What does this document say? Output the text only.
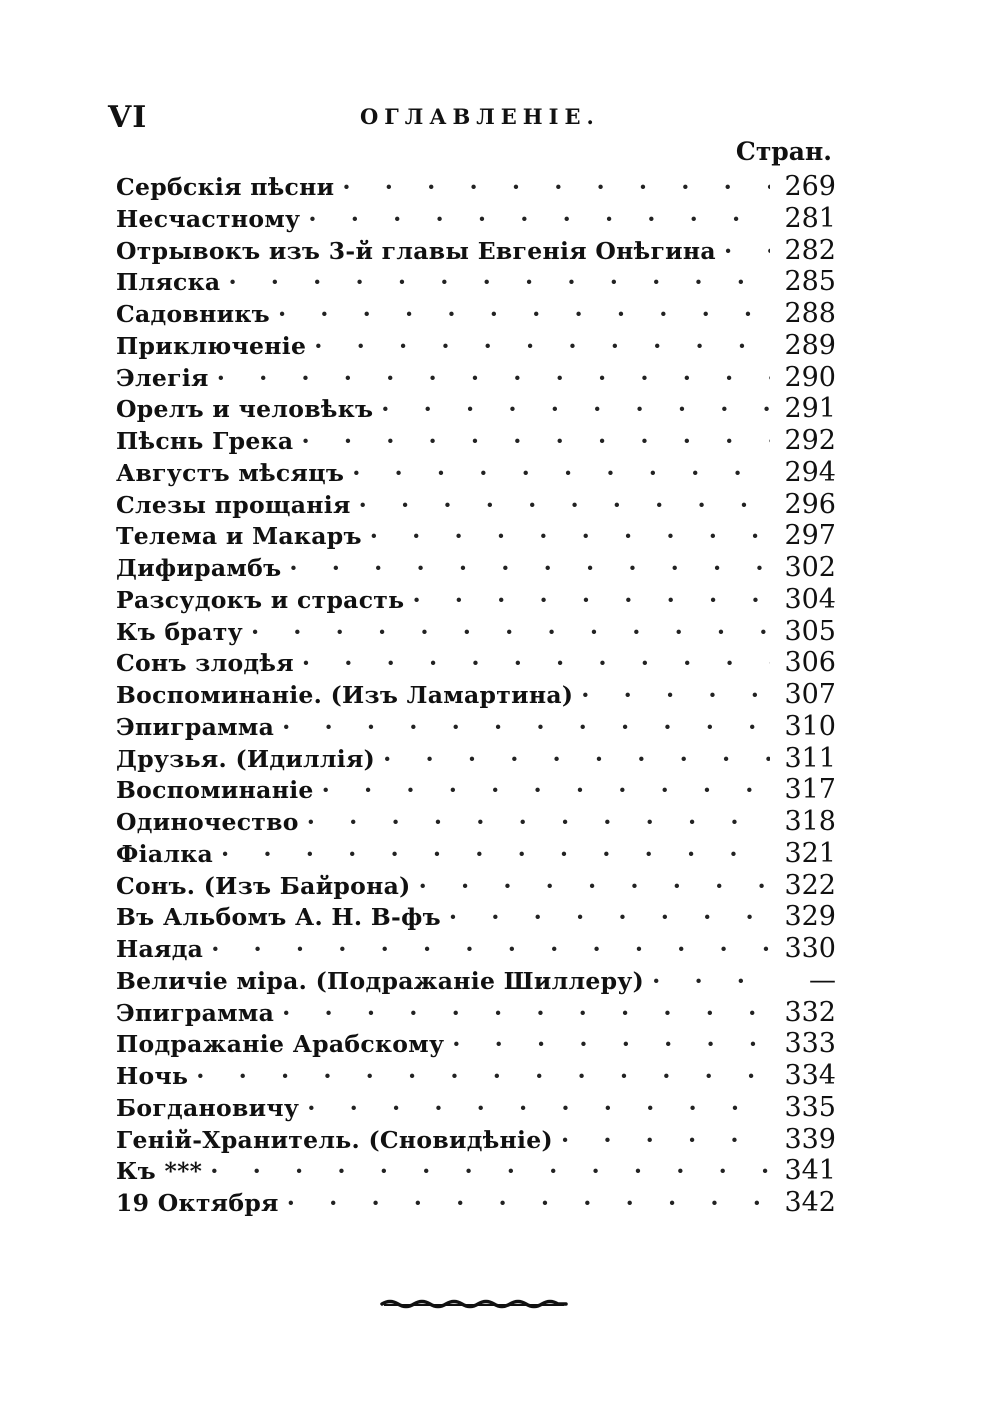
VI	ОГЛАВЛЕНІЕ.
Стран.
Сербскія пѣсни · · ·	269
Несчастному · · ·	281
Отрывокъ изъ 3-й главы Евгенія Онѣгина · · ·	282
Пляска · · ·	285
Садовникъ · · ·	288
Приключеніе · · ·	289
Элегія · · ·	290
Орелъ и человѣкъ · · ·	291
Пѣснь Грека · · ·	292
Августъ мѣсяцъ · · ·	294
Слезы прощанія · · ·	296
Телема и Макаръ · · ·	297
Дифирамбъ · · ·	302
Разсудокъ и страсть · · ·	304
Къ брату · · ·	305
Сонъ злодѣя · · ·	306
Воспоминаніе. (Изъ Ламартина) · · ·	307
Эпиграмма · · ·	310
Друзья. (Идиллія) · · ·	311
Воспоминаніе · · ·	317
Одиночество · · ·	318
Фіалка · · ·	321
Сонъ. (Изъ Байрона) · · ·	322
Въ Альбомъ А. Н. В-фъ · · ·	329
Наяда · · ·	330
Величіе міра. (Подражаніе Шиллеру) · · ·	—
Эпиграмма · · ·	332
Подражаніе Арабскому · · ·	333
Ночь · · ·	334
Богдановичу · · ·	335
Геній-Хранитель. (Сновидѣніе) · · ·	339
Къ *** · · ·	341
19 Октября · · ·	342
